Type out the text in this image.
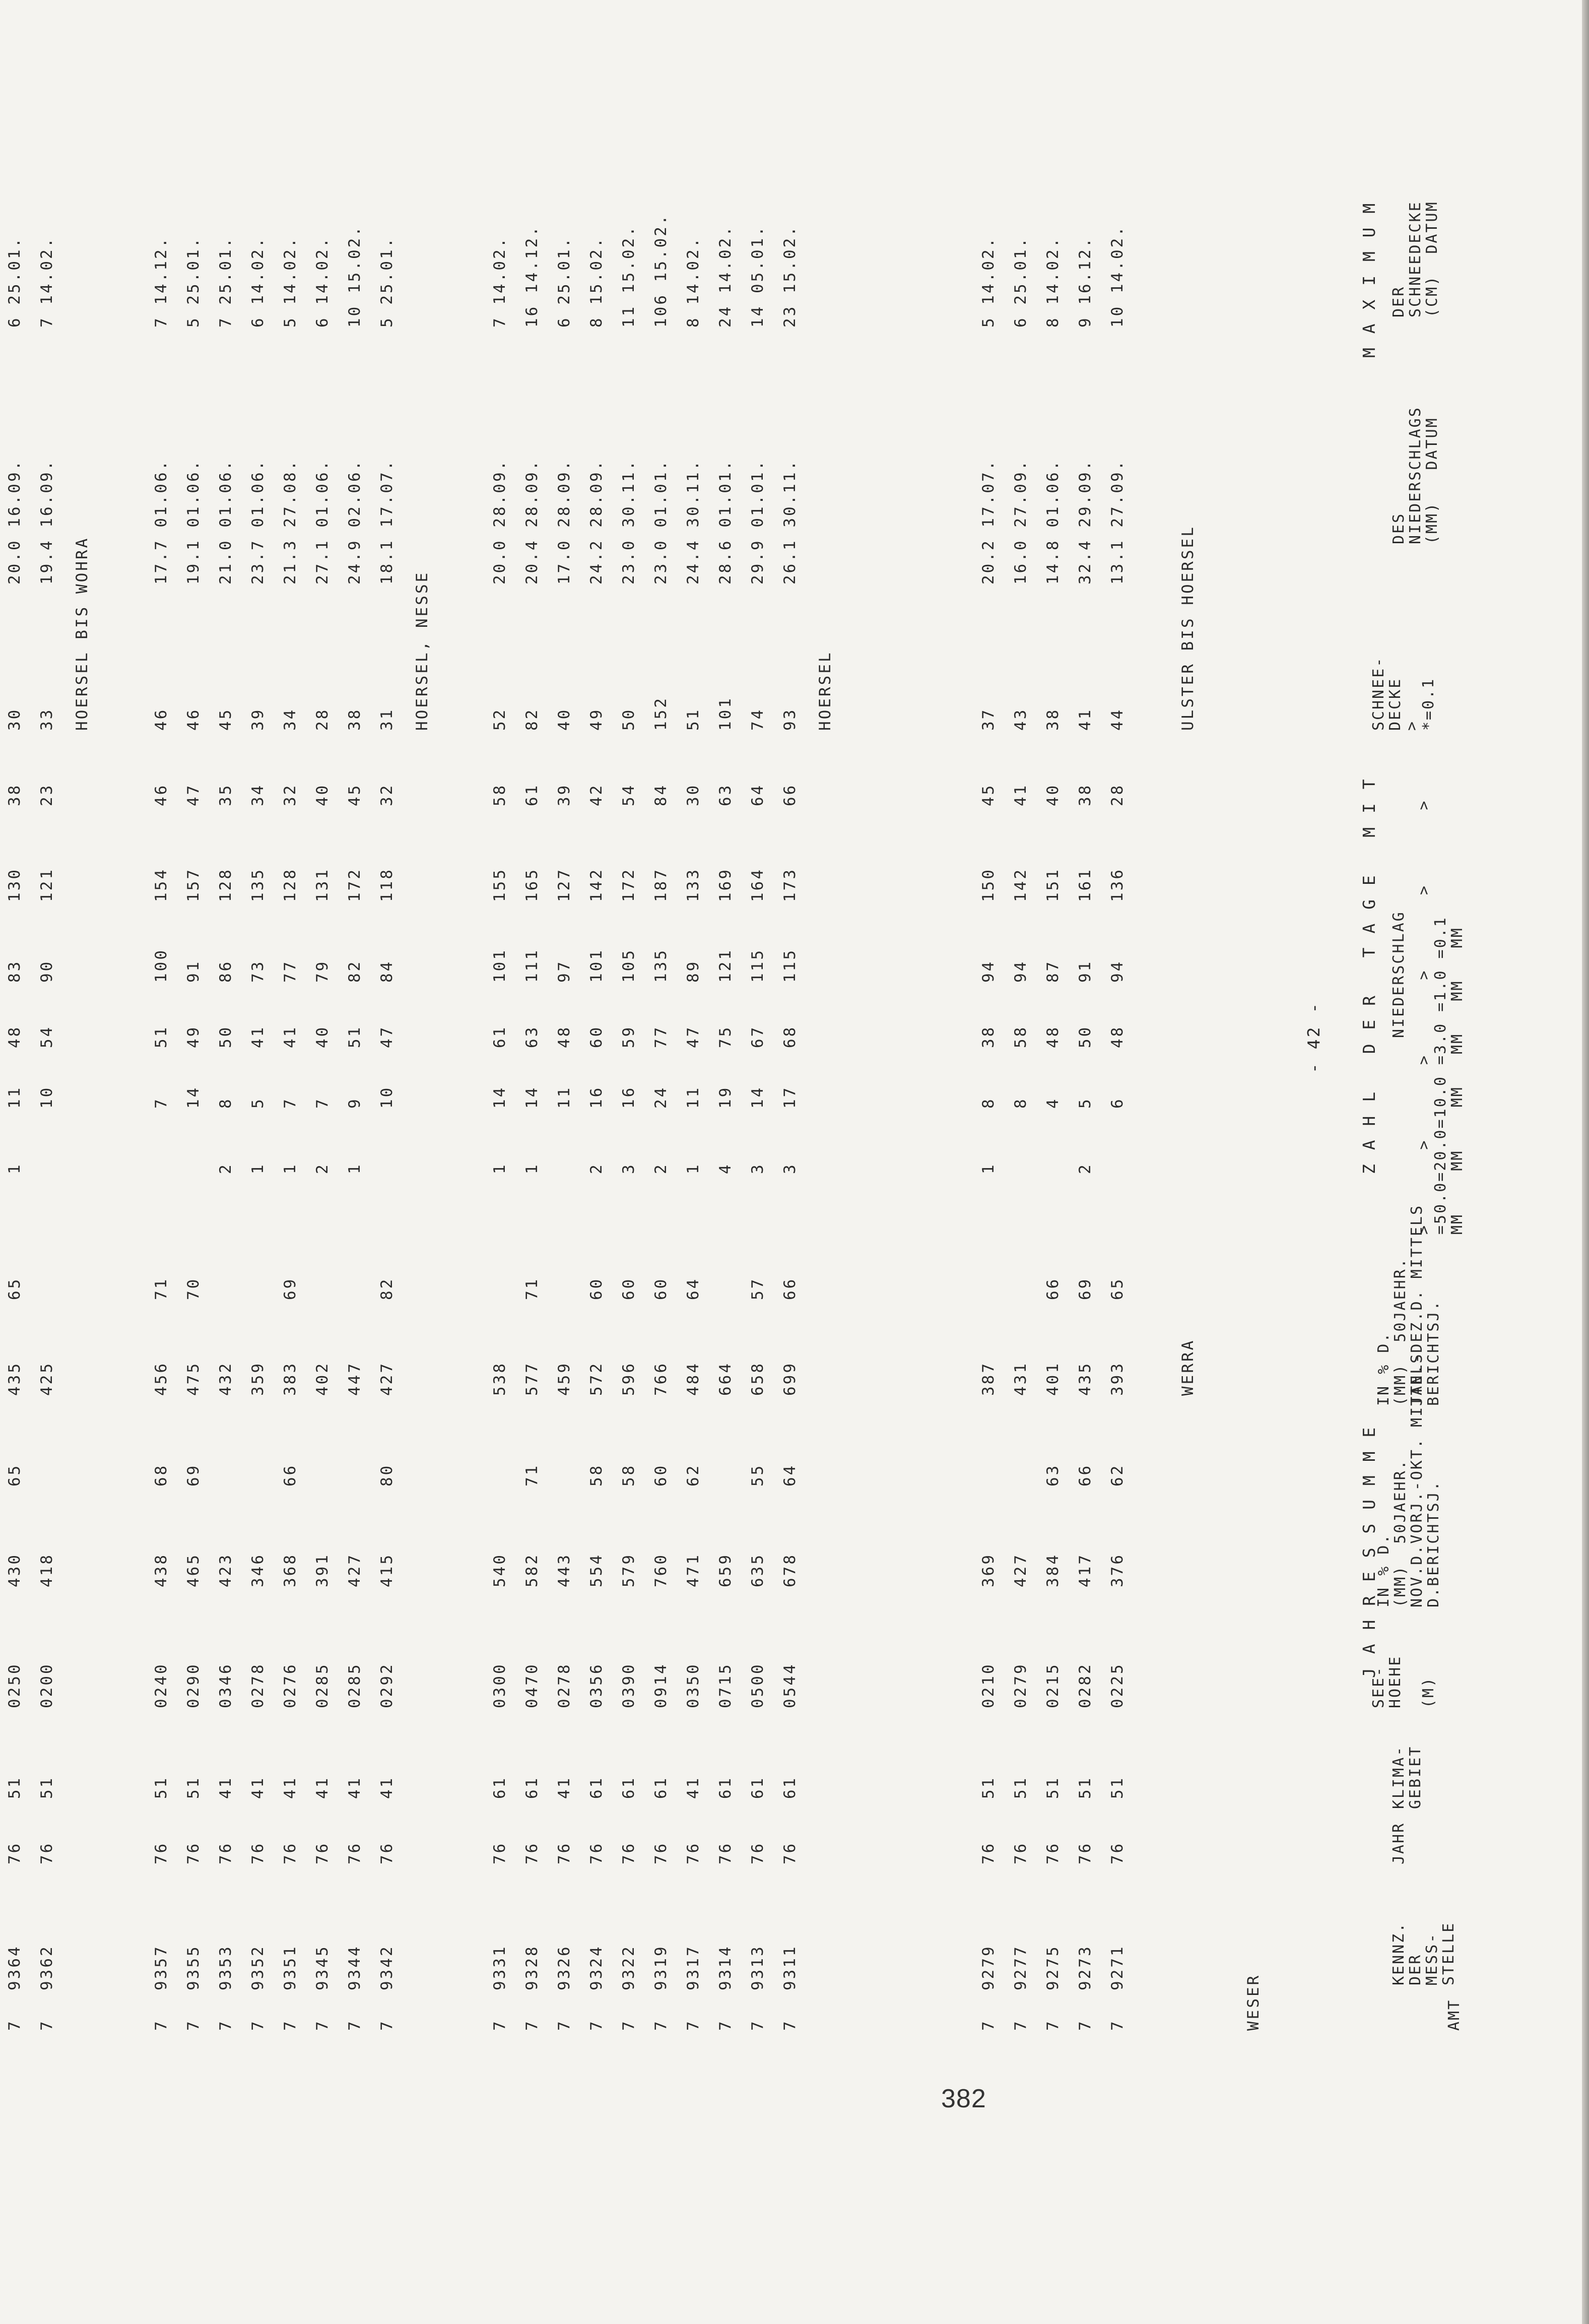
- 42 -
J A H R E S S U M M E
Z A H L   D E R   T A G E   M I T
M A X I M U M
AMT
KENNZ.
DER
MESS-
STELLE
JAHR
KLIMA-
GEBIET
SEE-
HOEHE

(M)
IN % D.
(MM)  50JAEHR.
NOV.D.VORJ.-OKT. MITTELS
D.BERICHTSJ.
IN % D.
(MM)  50JAEHR.
JAN.-DEZ.D. MITTELS
BERICHTSJ.
NIEDERSCHLAG
>       >       >       >       >       >
=50.0=20.0=10.0 =3.0 =1.0 =0.1
MM    MM    MM   MM   MM   MM
SCHNEE-
DECKE
>
*=0.1
DES
NIEDERSCHLAGS
(MM)   DATUM
DER
SCHNEEDECKE
(CM)  DATUM
WESER
WERRA
ULSTER BIS HOERSEL
7
9271
76
51
0225
376
62
393
65
6
48
94
136
28
44
13.1 27.09.
10 14.02.
7
9273
76
51
0282
417
66
435
69
2
5
50
91
161
38
41
32.4 29.09.
9 16.12.
7
9275
76
51
0215
384
63
401
66
4
48
87
151
40
38
14.8 01.06.
8 14.02.
7
9277
76
51
0279
427
431
8
58
94
142
41
43
16.0 27.09.
6 25.01.
7
9279
76
51
0210
369
387
1
8
38
94
150
45
37
20.2 17.07.
5 14.02.
HOERSEL
7
9311
76
61
0544
678
64
699
66
3
17
68
115
173
66
93
26.1 30.11.
23 15.02.
7
9313
76
61
0500
635
55
658
57
3
14
67
115
164
64
74
29.9 01.01.
14 05.01.
7
9314
76
61
0715
659
664
4
19
75
121
169
63
101
28.6 01.01.
24 14.02.
7
9317
76
41
0350
471
62
484
64
1
11
47
89
133
30
51
24.4 30.11.
8 14.02.
7
9319
76
61
0914
760
60
766
60
2
24
77
135
187
84
152
23.0 01.01.
106 15.02.
7
9322
76
61
0390
579
58
596
60
3
16
59
105
172
54
50
23.0 30.11.
11 15.02.
7
9324
76
61
0356
554
58
572
60
2
16
60
101
142
42
49
24.2 28.09.
8 15.02.
7
9326
76
41
0278
443
459
11
48
97
127
39
40
17.0 28.09.
6 25.01.
7
9328
76
61
0470
582
71
577
71
1
14
63
111
165
61
82
20.4 28.09.
16 14.12.
7
9331
76
61
0300
540
538
1
14
61
101
155
58
52
20.0 28.09.
7 14.02.
HOERSEL, NESSE
7
9342
76
41
0292
415
80
427
82
10
47
84
118
32
31
18.1 17.07.
5 25.01.
7
9344
76
41
0285
427
447
1
9
51
82
172
45
38
24.9 02.06.
10 15.02.
7
9345
76
41
0285
391
402
2
7
40
79
131
40
28
27.1 01.06.
6 14.02.
7
9351
76
41
0276
368
66
383
69
1
7
41
77
128
32
34
21.3 27.08.
5 14.02.
7
9352
76
41
0278
346
359
1
5
41
73
135
34
39
23.7 01.06.
6 14.02.
7
9353
76
41
0346
423
432
2
8
50
86
128
35
45
21.0 01.06.
7 25.01.
7
9355
76
51
0290
465
69
475
70
14
49
91
157
47
46
19.1 01.06.
5 25.01.
7
9357
76
51
0240
438
68
456
71
7
51
100
154
46
46
17.7 01.06.
7 14.12.
HOERSEL BIS WOHRA
7
9362
76
51
0200
418
425
10
54
90
121
23
33
19.4 16.09.
7 14.02.
7
9364
76
51
0250
430
65
435
65
1
11
48
83
130
38
30
20.0 16.09.
6 25.01.
382
